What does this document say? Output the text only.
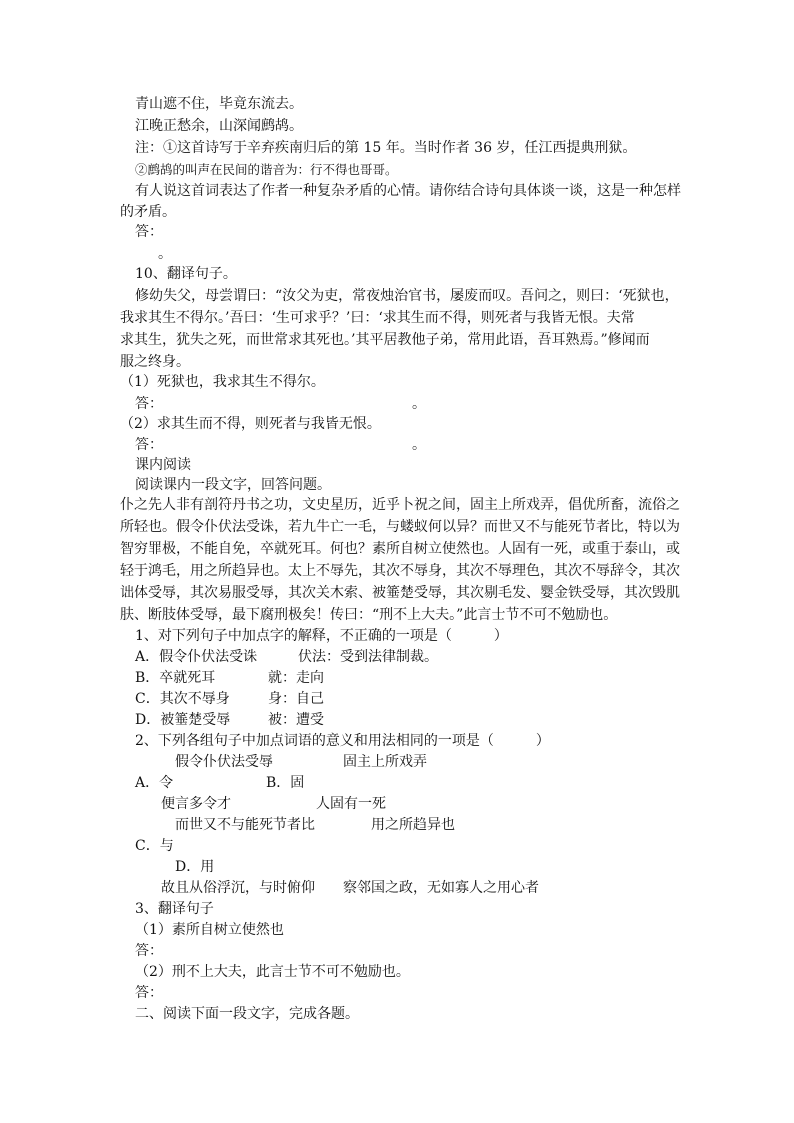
青山遮不住，毕竟东流去。
江晚正愁余，山深闻鹧鸪。
注：①这首诗写于辛弃疾南归后的第 15 年。当时作者 36 岁，任江西提典刑狱。
②鹧鸪的叫声在民间的谐音为：行不得也哥哥。
有人说这首词表达了作者一种复杂矛盾的心情。请你结合诗句具体谈一谈，这是一种怎样
的矛盾。
答：
。
10、翻译句子。
修幼失父，母尝谓曰：“汝父为吏，常夜烛治官书，屡废而叹。吾问之，则曰：‘死狱也，
我求其生不得尔。’吾曰：‘生可求乎？’曰：‘求其生而不得，则死者与我皆无恨。夫常
求其生，犹失之死，而世常求其死也。’其平居教他子弟，常用此语，吾耳熟焉。”修闻而
服之终身。
（1）死狱也，我求其生不得尔。
答：	。
（2）求其生而不得，则死者与我皆无恨。
答：	。
课内阅读
阅读课内一段文字，回答问题。
仆之先人非有剖符丹书之功，文史星历，近乎卜祝之间，固主上所戏弄，倡优所畜，流俗之
所轻也。假令仆伏法受诛，若九牛亡一毛，与蝼蚁何以异？而世又不与能死节者比，特以为
智穷罪极，不能自免，卒就死耳。何也？素所自树立使然也。人固有一死，或重于泰山，或
轻于鸿毛，用之所趋异也。太上不辱先，其次不辱身，其次不辱理色，其次不辱辞令，其次
诎体受辱，其次易服受辱，其次关木索、被箠楚受辱，其次剔毛发、婴金铁受辱，其次毁肌
肤、断肢体受辱，最下腐刑极矣！传曰：“刑不上大夫。”此言士节不可不勉励也。
1、对下列句子中加点字的解释，不正确的一项是（　　　）
A．假令仆伏法受诛	伏法：受到法律制裁。
B．卒就死耳	就：走向
C．其次不辱身	身：自己
D．被箠楚受辱	被：遭受
2、下列各组句子中加点词语的意义和用法相同的一项是（　　　）
假令仆伏法受辱	固主上所戏弄
A．令	B．固
便言多令才	人固有一死
而世又不与能死节者比	用之所趋异也
C．与
D．用
故且从俗浮沉，与时俯仰 察邻国之政，无如寡人之用心者
3、翻译句子
（1）素所自树立使然也
答：
（2）刑不上大夫，此言士节不可不勉励也。
答：
二、阅读下面一段文字，完成各题。
